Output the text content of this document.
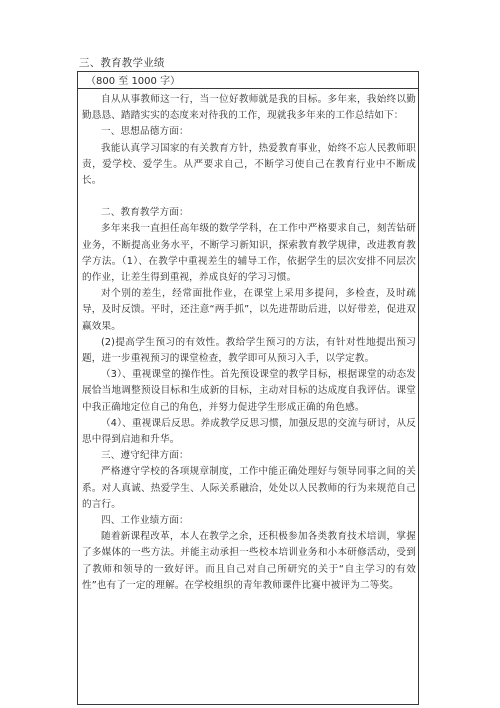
三、教育教学业绩
（800 至 1000 字）

自从从事教师这一行，当一位好教师就是我的目标。多年来，我始终以勤勤恳恳、踏踏实实的态度来对待我的工作，现就我多年来的工作总结如下：

一、思想品德方面：

我能认真学习国家的有关教育方针，热爱教育事业，始终不忘人民教师职责，爱学校、爱学生。从严要求自己，不断学习使自己在教育行业中不断成长。

二、教育教学方面：

多年来我一直担任高年级的数学学科，在工作中严格要求自己，刻苦钻研业务，不断提高业务水平，不断学习新知识，探索教育教学规律，改进教育教学方法。（1）、在教学中重视差生的辅导工作，依据学生的层次安排不同层次的作业，让差生得到重视，养成良好的学习习惯。

对个别的差生，经常面批作业，在课堂上采用多提问，多检查，及时疏导，及时反馈。平时，还注意“两手抓”，以先进帮助后进，以好带差，促进双赢效果。

(2)提高学生预习的有效性。教给学生预习的方法，有针对性地提出预习题，进一步重视预习的课堂检查，教学即可从预习入手，以学定教。

（3）、重视课堂的操作性。首先预设课堂的教学目标，根据课堂的动态发展恰当地调整预设目标和生成新的目标，主动对目标的达成度自我评估。课堂中我正确地定位自己的角色，并努力促进学生形成正确的角色感。

（4）、重视课后反思。养成教学反思习惯，加强反思的交流与研讨，从反思中得到启迪和升华。

三、遵守纪律方面：

严格遵守学校的各项规章制度，工作中能正确处理好与领导同事之间的关系。对人真诚、热爱学生、人际关系融洽，处处以人民教师的行为来规范自己的言行。

四、工作业绩方面：

随着新课程改革，本人在教学之余，还积极参加各类教育技术培训，掌握了多媒体的一些方法。并能主动承担一些校本培训业务和小本研修活动，受到了教师和领导的一致好评。而且自己对自己所研究的关于“自主学习的有效性”也有了一定的理解。在学校组织的青年教师课件比赛中被评为二等奖。
